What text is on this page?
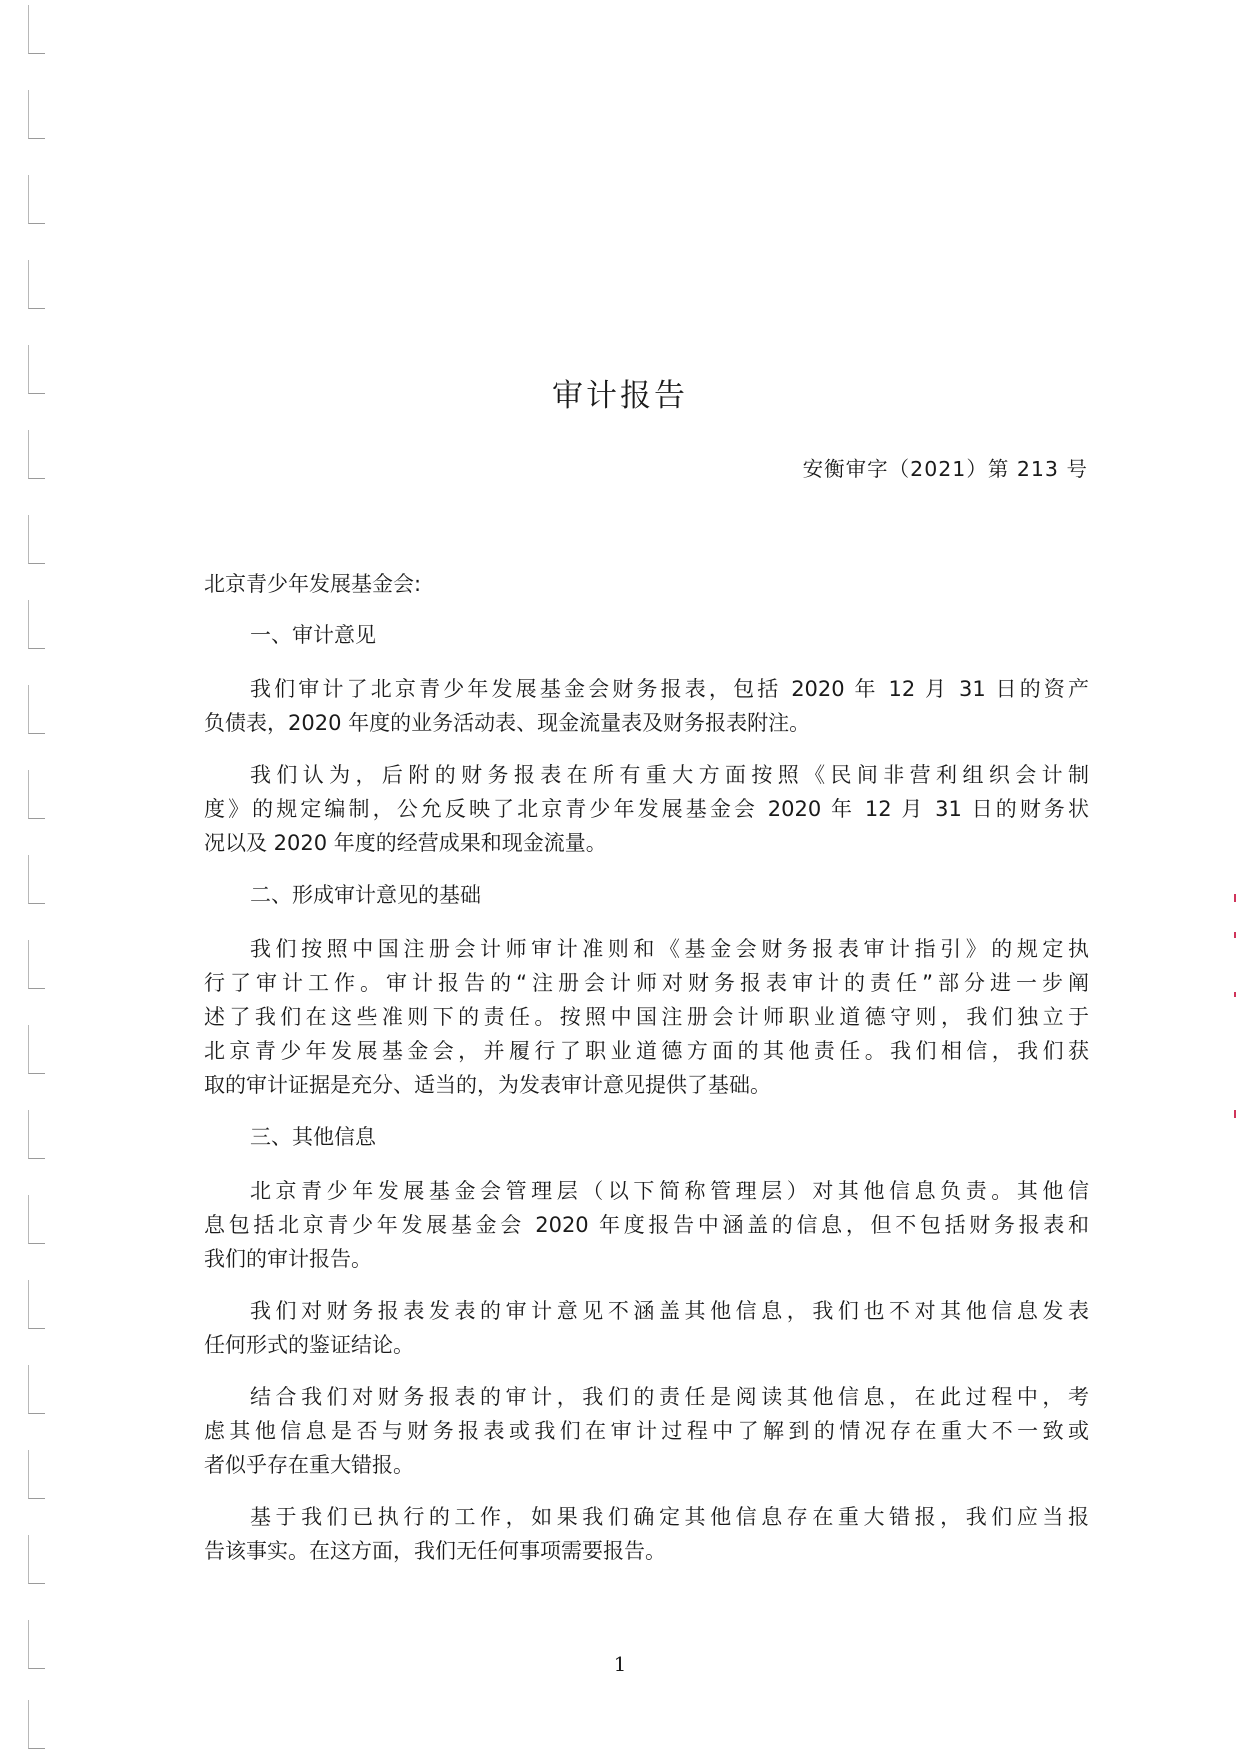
审计报告
安衡审字（2021）第 213 号
北京青少年发展基金会:
一、审计意见
我们审计了北京青少年发展基金会财务报表，包括 2020 年 12 月 31 日的资产
负债表，2020 年度的业务活动表、现金流量表及财务报表附注。
我们认为，后附的财务报表在所有重大方面按照《民间非营利组织会计制
度》的规定编制，公允反映了北京青少年发展基金会 2020 年 12 月 31 日的财务状
况以及 2020 年度的经营成果和现金流量。
二、形成审计意见的基础
我们按照中国注册会计师审计准则和《基金会财务报表审计指引》的规定执
行了审计工作。审计报告的“注册会计师对财务报表审计的责任”部分进一步阐
述了我们在这些准则下的责任。按照中国注册会计师职业道德守则，我们独立于
北京青少年发展基金会，并履行了职业道德方面的其他责任。我们相信，我们获
取的审计证据是充分、适当的，为发表审计意见提供了基础。
三、其他信息
北京青少年发展基金会管理层（以下简称管理层）对其他信息负责。其他信
息包括北京青少年发展基金会 2020 年度报告中涵盖的信息，但不包括财务报表和
我们的审计报告。
我们对财务报表发表的审计意见不涵盖其他信息，我们也不对其他信息发表
任何形式的鉴证结论。
结合我们对财务报表的审计，我们的责任是阅读其他信息，在此过程中，考
虑其他信息是否与财务报表或我们在审计过程中了解到的情况存在重大不一致或
者似乎存在重大错报。
基于我们已执行的工作，如果我们确定其他信息存在重大错报，我们应当报
告该事实。在这方面，我们无任何事项需要报告。
1
